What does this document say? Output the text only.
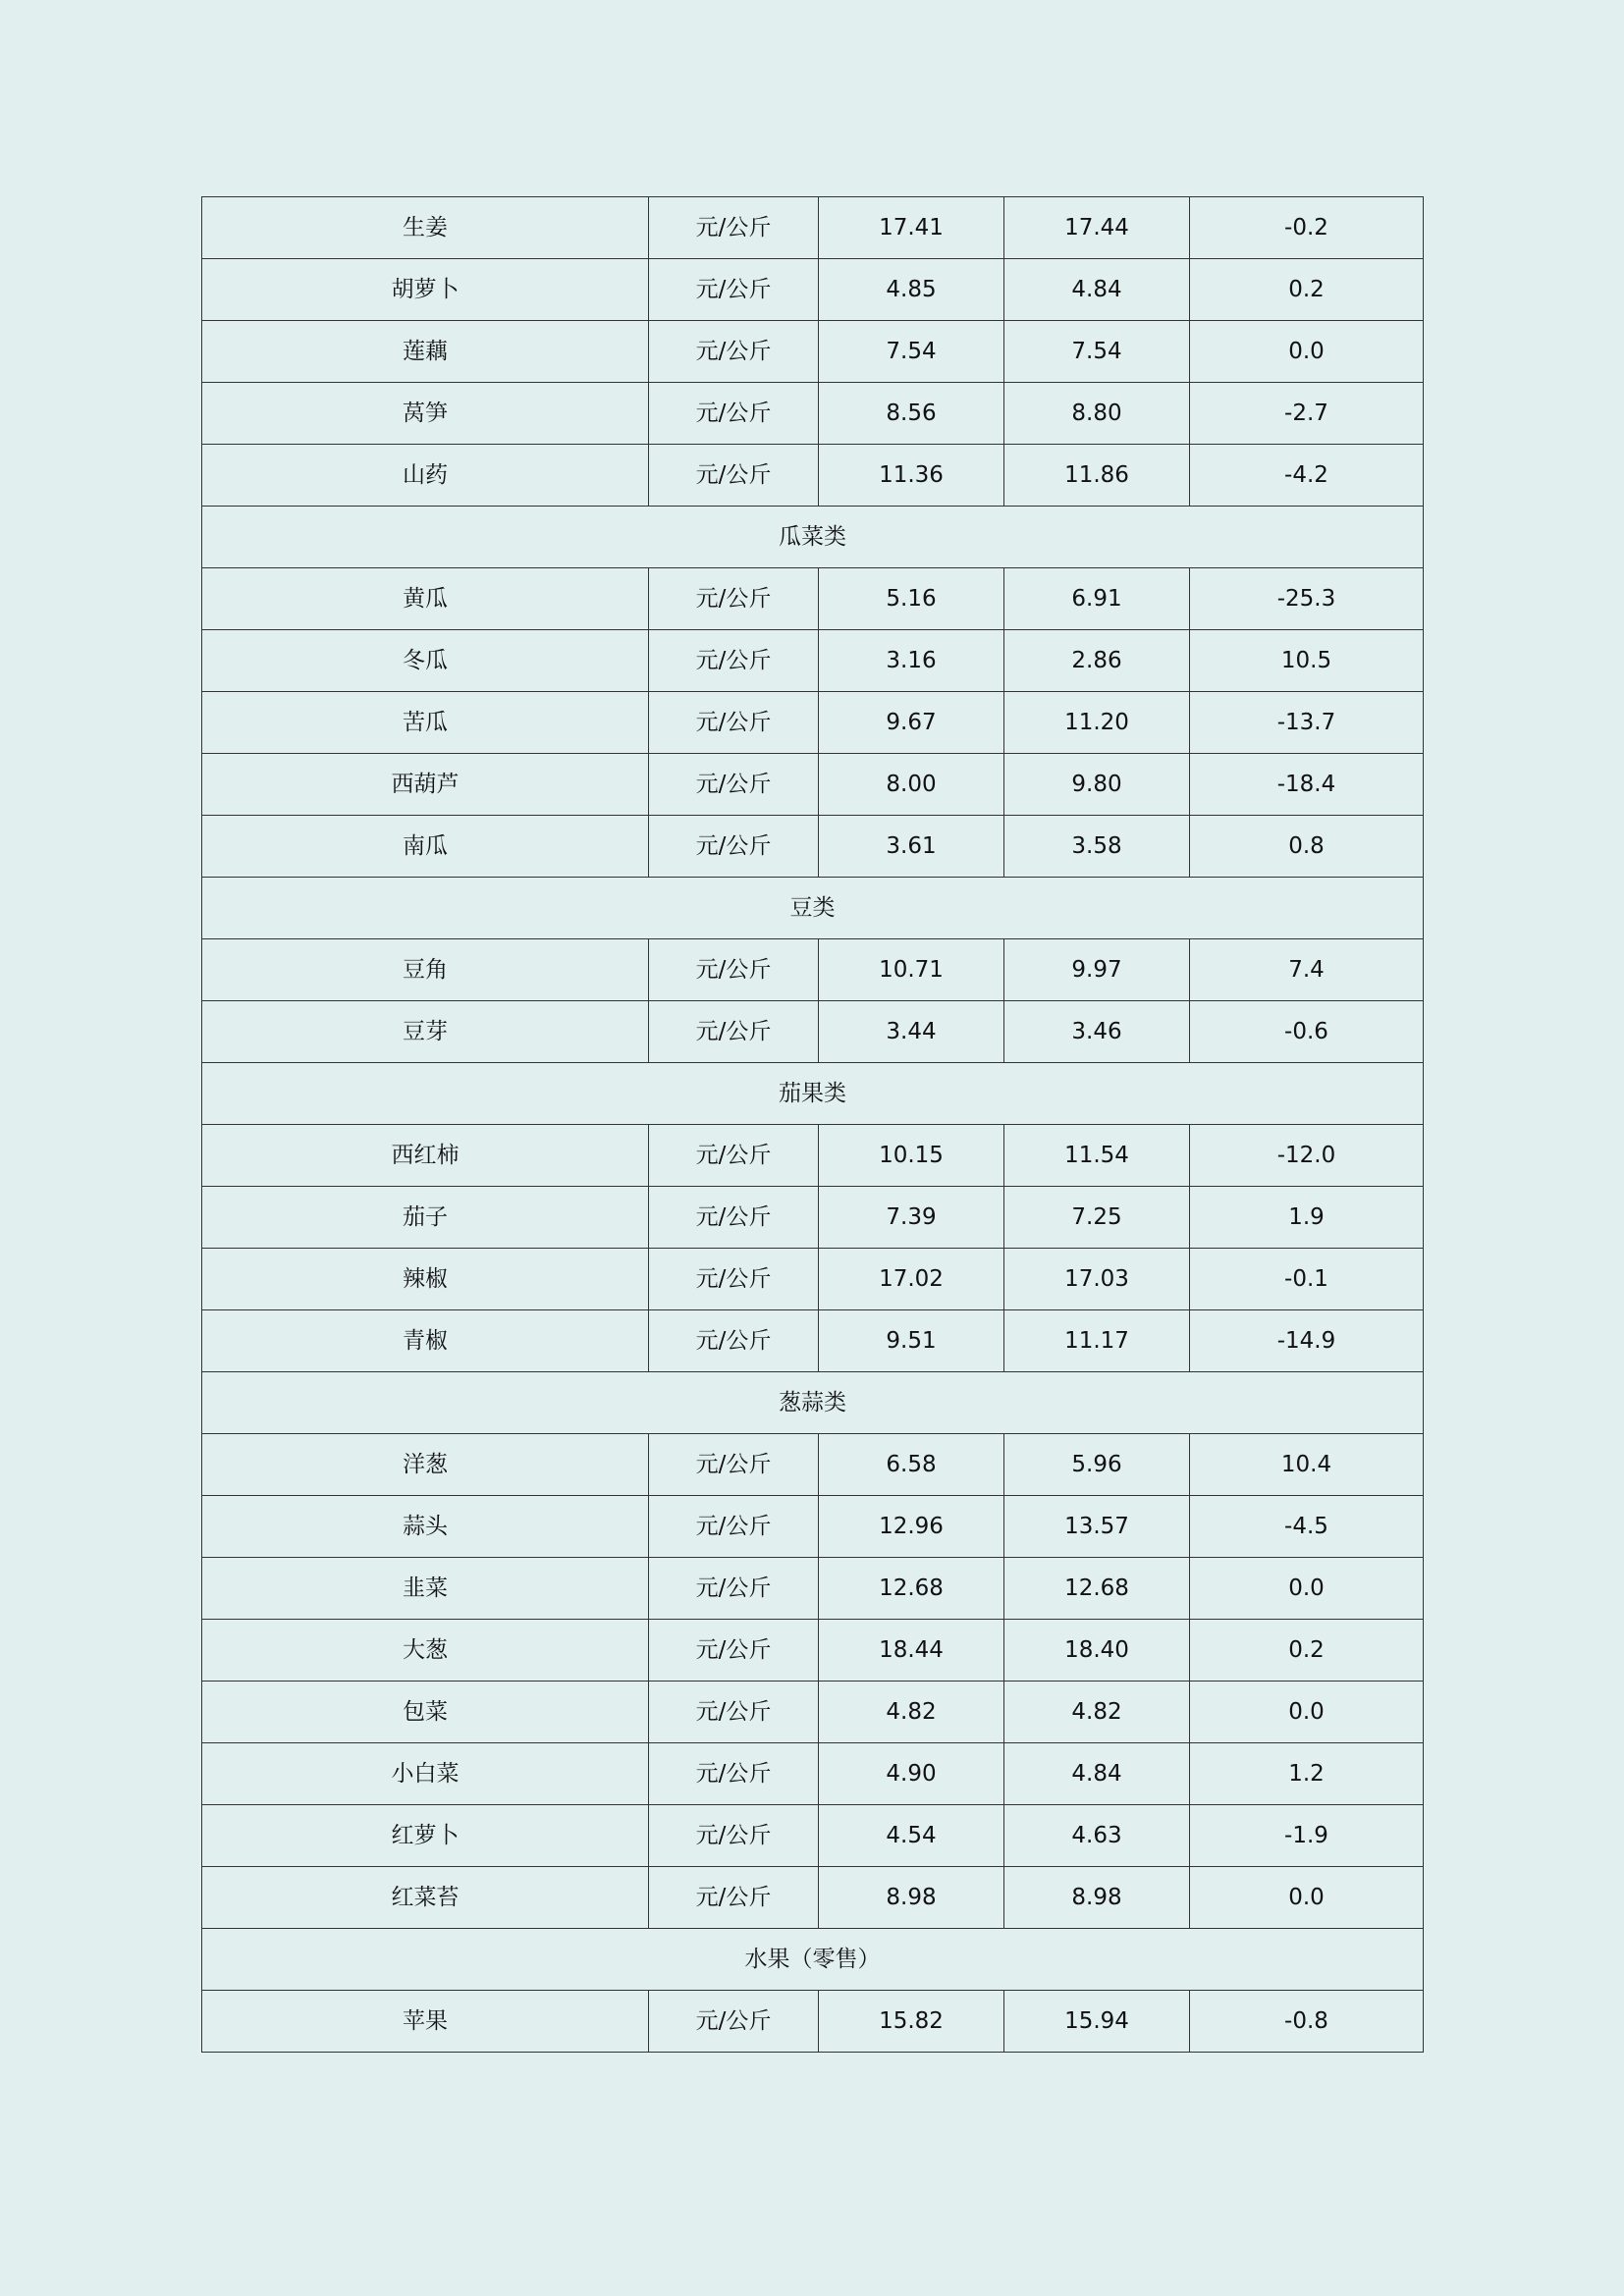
生姜	元/公斤	17.41	17.44	-0.2
胡萝卜	元/公斤	4.85	4.84	0.2
莲藕	元/公斤	7.54	7.54	0.0
莴笋	元/公斤	8.56	8.80	-2.7
山药	元/公斤	11.36	11.86	-4.2
瓜菜类				
黄瓜	元/公斤	5.16	6.91	-25.3
冬瓜	元/公斤	3.16	2.86	10.5
苦瓜	元/公斤	9.67	11.20	-13.7
西葫芦	元/公斤	8.00	9.80	-18.4
南瓜	元/公斤	3.61	3.58	0.8
豆类				
豆角	元/公斤	10.71	9.97	7.4
豆芽	元/公斤	3.44	3.46	-0.6
茄果类				
西红柿	元/公斤	10.15	11.54	-12.0
茄子	元/公斤	7.39	7.25	1.9
辣椒	元/公斤	17.02	17.03	-0.1
青椒	元/公斤	9.51	11.17	-14.9
葱蒜类				
洋葱	元/公斤	6.58	5.96	10.4
蒜头	元/公斤	12.96	13.57	-4.5
韭菜	元/公斤	12.68	12.68	0.0
大葱	元/公斤	18.44	18.40	0.2
包菜	元/公斤	4.82	4.82	0.0
小白菜	元/公斤	4.90	4.84	1.2
红萝卜	元/公斤	4.54	4.63	-1.9
红菜苔	元/公斤	8.98	8.98	0.0
水果（零售）				
苹果	元/公斤	15.82	15.94	-0.8
